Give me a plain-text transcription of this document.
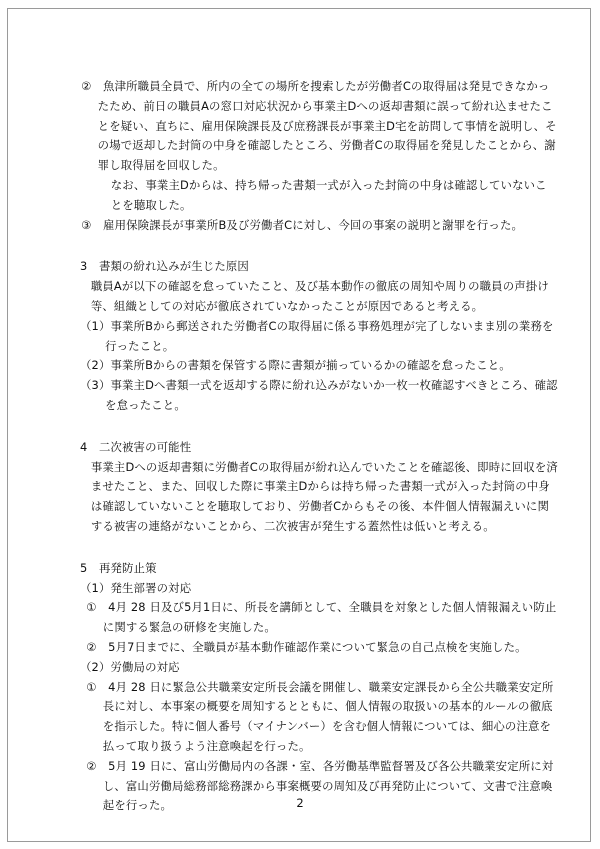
②　魚津所職員全員で、所内の全ての場所を捜索したが労働者Cの取得届は発見できなかったため、前日の職員Aの窓口対応状況から事業主Dへの返却書類に誤って紛れ込ませたことを疑い、直ちに、雇用保険課長及び庶務課長が事業主D宅を訪問して事情を説明し、その場で返却した封筒の中身を確認したところ、労働者Cの取得届を発見したことから、謝罪し取得届を回収した。

なお、事業主Dからは、持ち帰った書類一式が入った封筒の中身は確認していないことを聴取した。

③　雇用保険課長が事業所B及び労働者Cに対し、今回の事案の説明と謝罪を行った。

3　書類の紛れ込みが生じた原因

職員Aが以下の確認を怠っていたこと、及び基本動作の徹底の周知や周りの職員の声掛け等、組織としての対応が徹底されていなかったことが原因であると考える。

（1）事業所Bから郵送された労働者Cの取得届に係る事務処理が完了しないまま別の業務を行ったこと。

（2）事業所Bからの書類を保管する際に書類が揃っているかの確認を怠ったこと。

（3）事業主Dへ書類一式を返却する際に紛れ込みがないか一枚一枚確認すべきところ、確認を怠ったこと。

4　二次被害の可能性

事業主Dへの返却書類に労働者Cの取得届が紛れ込んでいたことを確認後、即時に回収を済ませたこと、また、回収した際に事業主Dからは持ち帰った書類一式が入った封筒の中身は確認していないことを聴取しており、労働者Cからもその後、本件個人情報漏えいに関する被害の連絡がないことから、二次被害が発生する蓋然性は低いと考える。

5　再発防止策

（1）発生部署の対応

①　4月 28 日及び5月1日に、所長を講師として、全職員を対象とした個人情報漏えい防止に関する緊急の研修を実施した。

②　5月7日までに、全職員が基本動作確認作業について緊急の自己点検を実施した。

（2）労働局の対応

①　4月 28 日に緊急公共職業安定所長会議を開催し、職業安定課長から全公共職業安定所長に対し、本事案の概要を周知するとともに、個人情報の取扱いの基本的ルールの徹底を指示した。特に個人番号（マイナンバー）を含む個人情報については、細心の注意を払って取り扱うよう注意喚起を行った。

②　5月 19 日に、富山労働局内の各課・室、各労働基準監督署及び各公共職業安定所に対し、富山労働局総務部総務課から事案概要の周知及び再発防止について、文書で注意喚起を行った。	2
